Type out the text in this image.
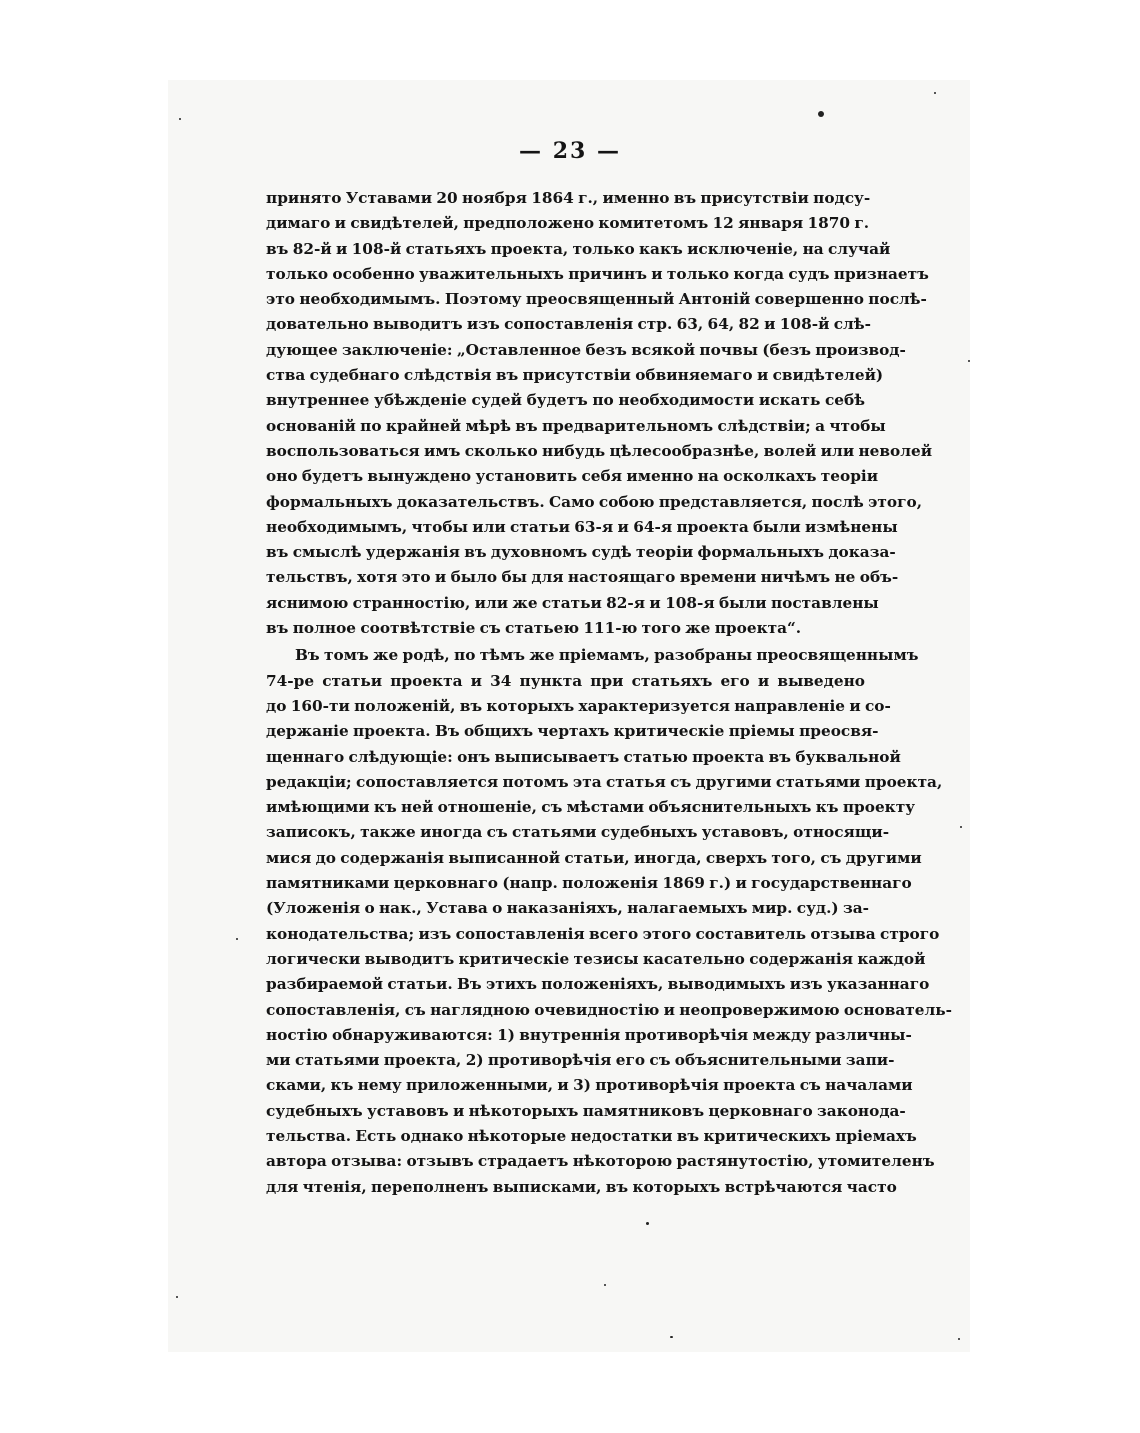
— 23 —
принято Уставами 20 ноября 1864 г., именно въ присутствіи подсу-
димаго и свидѣтелей, предположено комитетомъ 12 января 1870 г.
въ 82-й и 108-й статьяхъ проекта, только какъ исключеніе, на случай
только особенно уважительныхъ причинъ и только когда судъ признаетъ
это необходимымъ. Поэтому преосвященный Антоній совершенно послѣ-
довательно выводитъ изъ сопоставленія стр. 63, 64, 82 и 108-й слѣ-
дующее заключеніе: „Оставленное безъ всякой почвы (безъ производ-
ства судебнаго слѣдствія въ присутствіи обвиняемаго и свидѣтелей)
внутреннее убѣжденіе судей будетъ по необходимости искать себѣ
основаній по крайней мѣрѣ въ предварительномъ слѣдствіи; а чтобы
воспользоваться имъ сколько нибудь цѣлесообразнѣе, волей или неволей
оно будетъ вынуждено установить себя именно на осколкахъ теоріи
формальныхъ доказательствъ. Само собою представляется, послѣ этого,
необходимымъ, чтобы или статьи 63-я и 64-я проекта были измѣнены
въ смыслѣ удержанія въ духовномъ судѣ теоріи формальныхъ доказа-
тельствъ, хотя это и было бы для настоящаго времени ничѣмъ не объ-
яснимою странностію, или же статьи 82-я и 108-я были поставлены
въ полное соотвѣтствіе съ статьею 111-ю того же проекта“.
Въ томъ же родѣ, по тѣмъ же пріемамъ, разобраны преосвященнымъ
74-ре статьи проекта и 34 пункта при статьяхъ его и выведено
до 160-ти положеній, въ которыхъ характеризуется направленіе и со-
держаніе проекта. Въ общихъ чертахъ критическіе пріемы преосвя-
щеннаго слѣдующіе: онъ выписываетъ статью проекта въ буквальной
редакціи; сопоставляется потомъ эта статья съ другими статьями проекта,
имѣющими къ ней отношеніе, съ мѣстами объяснительныхъ къ проекту
записокъ, также иногда съ статьями судебныхъ уставовъ, относящи-
мися до содержанія выписанной статьи, иногда, сверхъ того, съ другими
памятниками церковнаго (напр. положенія 1869 г.) и государственнаго
(Уложенія о нак., Устава о наказаніяхъ, налагаемыхъ мир. суд.) за-
конодательства; изъ сопоставленія всего этого составитель отзыва строго
логически выводитъ критическіе тезисы касательно содержанія каждой
разбираемой статьи. Въ этихъ положеніяхъ, выводимыхъ изъ указаннаго
сопоставленія, съ наглядною очевидностію и неопровержимою основатель-
ностію обнаруживаются: 1) внутреннія противорѣчія между различны-
ми статьями проекта, 2) противорѣчія его съ объяснительными запи-
сками, къ нему приложенными, и 3) противорѣчія проекта съ началами
судебныхъ уставовъ и нѣкоторыхъ памятниковъ церковнаго законода-
тельства. Есть однако нѣкоторые недостатки въ критическихъ пріемахъ
автора отзыва: отзывъ страдаетъ нѣкоторою растянутостію, утомителенъ
для чтенія, переполненъ выписками, въ которыхъ встрѣчаются часто
